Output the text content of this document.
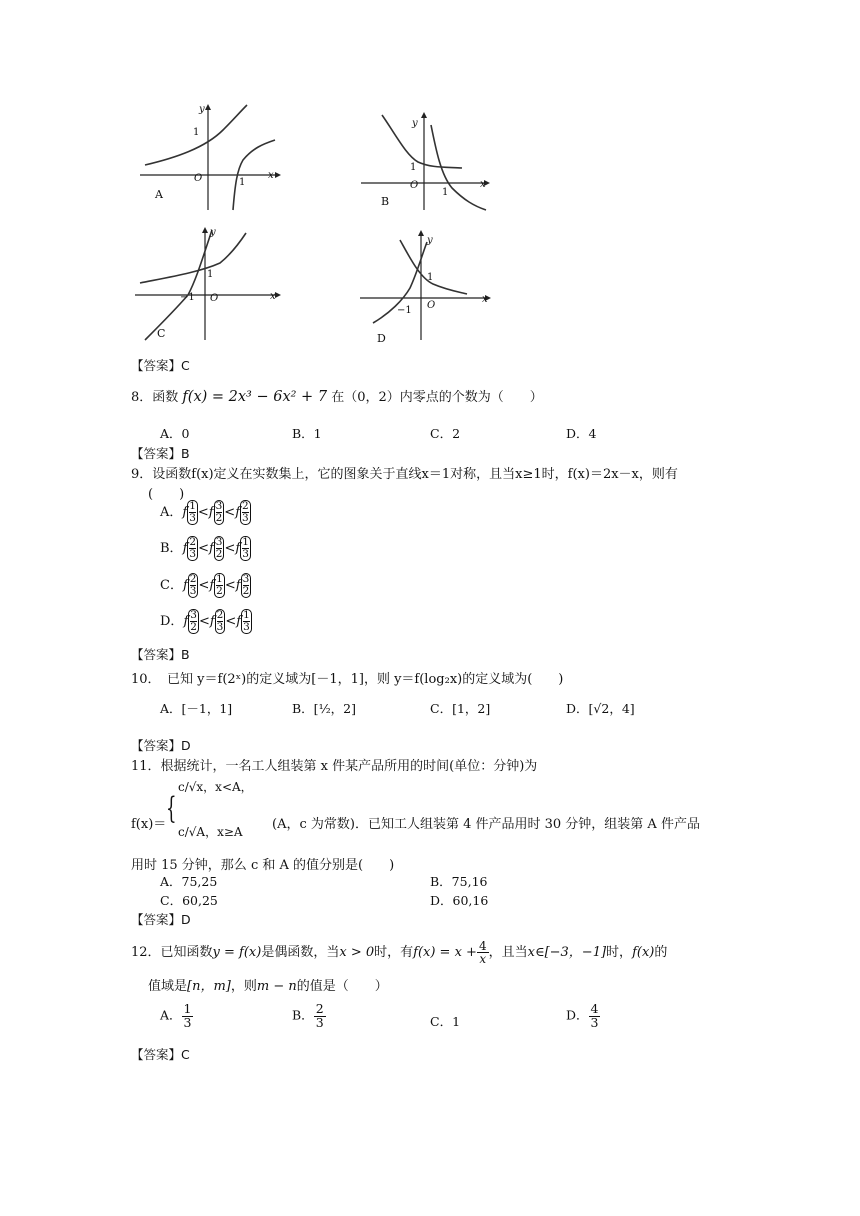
y
x
O
1
1
A
y
x
O
1
1
B
y
x
O
1
−1
C
y
x
O
1
−1
D
【答案】C
8．函数 f(x) = 2x³ − 6x² + 7 在（0，2）内零点的个数为（　　）
A．0	B．1	C．2	D．4
【答案】B
9．设函数f(x)定义在实数集上，它的图象关于直线x＝1对称，且当x≥1时，f(x)＝2x－x，则有
(　　)
A．f $\frac{1}{3}<f \frac{3}{2}<f \frac{2}{3}$
B．f $\frac{2}{3}<f \frac{3}{2}<f \frac{1}{3}$
C．f $\frac{2}{3}<f \frac{1}{2}<f \frac{3}{2}$
D．f $\frac{3}{2}<f \frac{2}{3}<f \frac{1}{3}$
【答案】B
10．　已知 y＝f(2ˣ)的定义域为[－1，1]，则 y＝f(log₂x)的定义域为(　　)
A．[－1，1]	B．[½，2]	C．[1，2]	D．[√2，4]
【答案】D
11．根据统计，一名工人组装第 x 件某产品所用的时间(单位：分钟)为
f(x)＝ {
c/√x，x<A，
c/√A，x≥A (A，c 为常数)．已知工人组装第 4 件产品用时 30 分钟，组装第 A 件产品
用时 15 分钟，那么 c 和 A 的值分别是(　　)
A．75,25	B．75,16
C．60,25	D．60,16
【答案】D
12．已知函数y = f(x)是偶函数，当x > 0时，有$f(x) = x + \frac{4}{x}$ ，且当x∈[−3，−1]时，f(x)的
值域是[n，m]，则m − n的值是（　　）
A． $\frac{1}{3}$	B． $\frac{2}{3}$	C．1	D． $\frac{4}{3}$
【答案】C
